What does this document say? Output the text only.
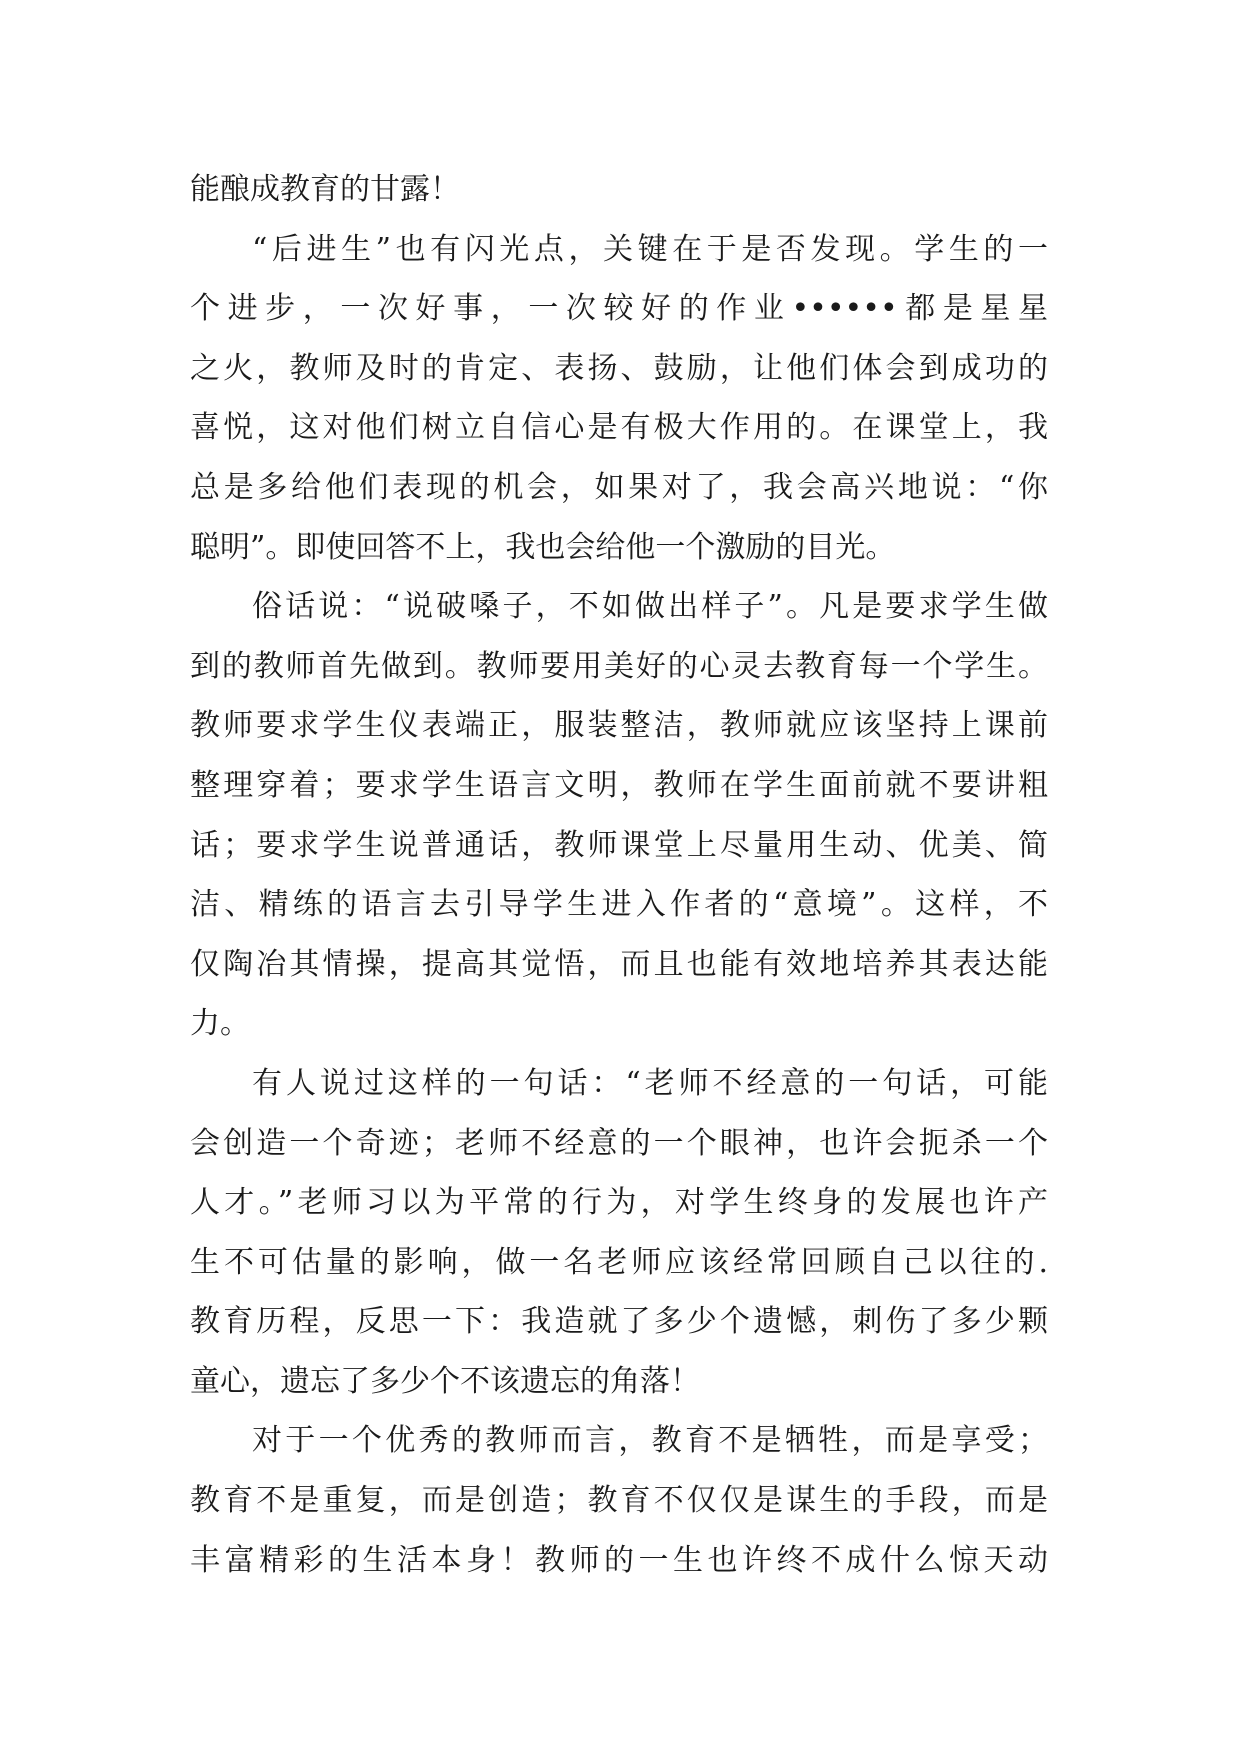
能酿成教育的甘露！
“后进生”也有闪光点，关键在于是否发现。学生的一
个进步，一次好事，一次较好的作业••••••都是星星
之火，教师及时的肯定、表扬、鼓励，让他们体会到成功的
喜悦，这对他们树立自信心是有极大作用的。在课堂上，我
总是多给他们表现的机会，如果对了，我会高兴地说：“你
聪明”。即使回答不上，我也会给他一个激励的目光。
俗话说：“说破嗓子，不如做出样子”。凡是要求学生做
到的教师首先做到。教师要用美好的心灵去教育每一个学生。
教师要求学生仪表端正，服装整洁，教师就应该坚持上课前
整理穿着；要求学生语言文明，教师在学生面前就不要讲粗
话；要求学生说普通话，教师课堂上尽量用生动、优美、简
洁、精练的语言去引导学生进入作者的“意境”。这样，不
仅陶冶其情操，提高其觉悟，而且也能有效地培养其表达能
力。
有人说过这样的一句话：“老师不经意的一句话，可能
会创造一个奇迹；老师不经意的一个眼神，也许会扼杀一个
人才。”老师习以为平常的行为，对学生终身的发展也许产
生不可估量的影响，做一名老师应该经常回顾自己以往的.
教育历程，反思一下：我造就了多少个遗憾，刺伤了多少颗
童心，遗忘了多少个不该遗忘的角落！
对于一个优秀的教师而言，教育不是牺牲，而是享受；
教育不是重复，而是创造；教育不仅仅是谋生的手段，而是
丰富精彩的生活本身！教师的一生也许终不成什么惊天动
